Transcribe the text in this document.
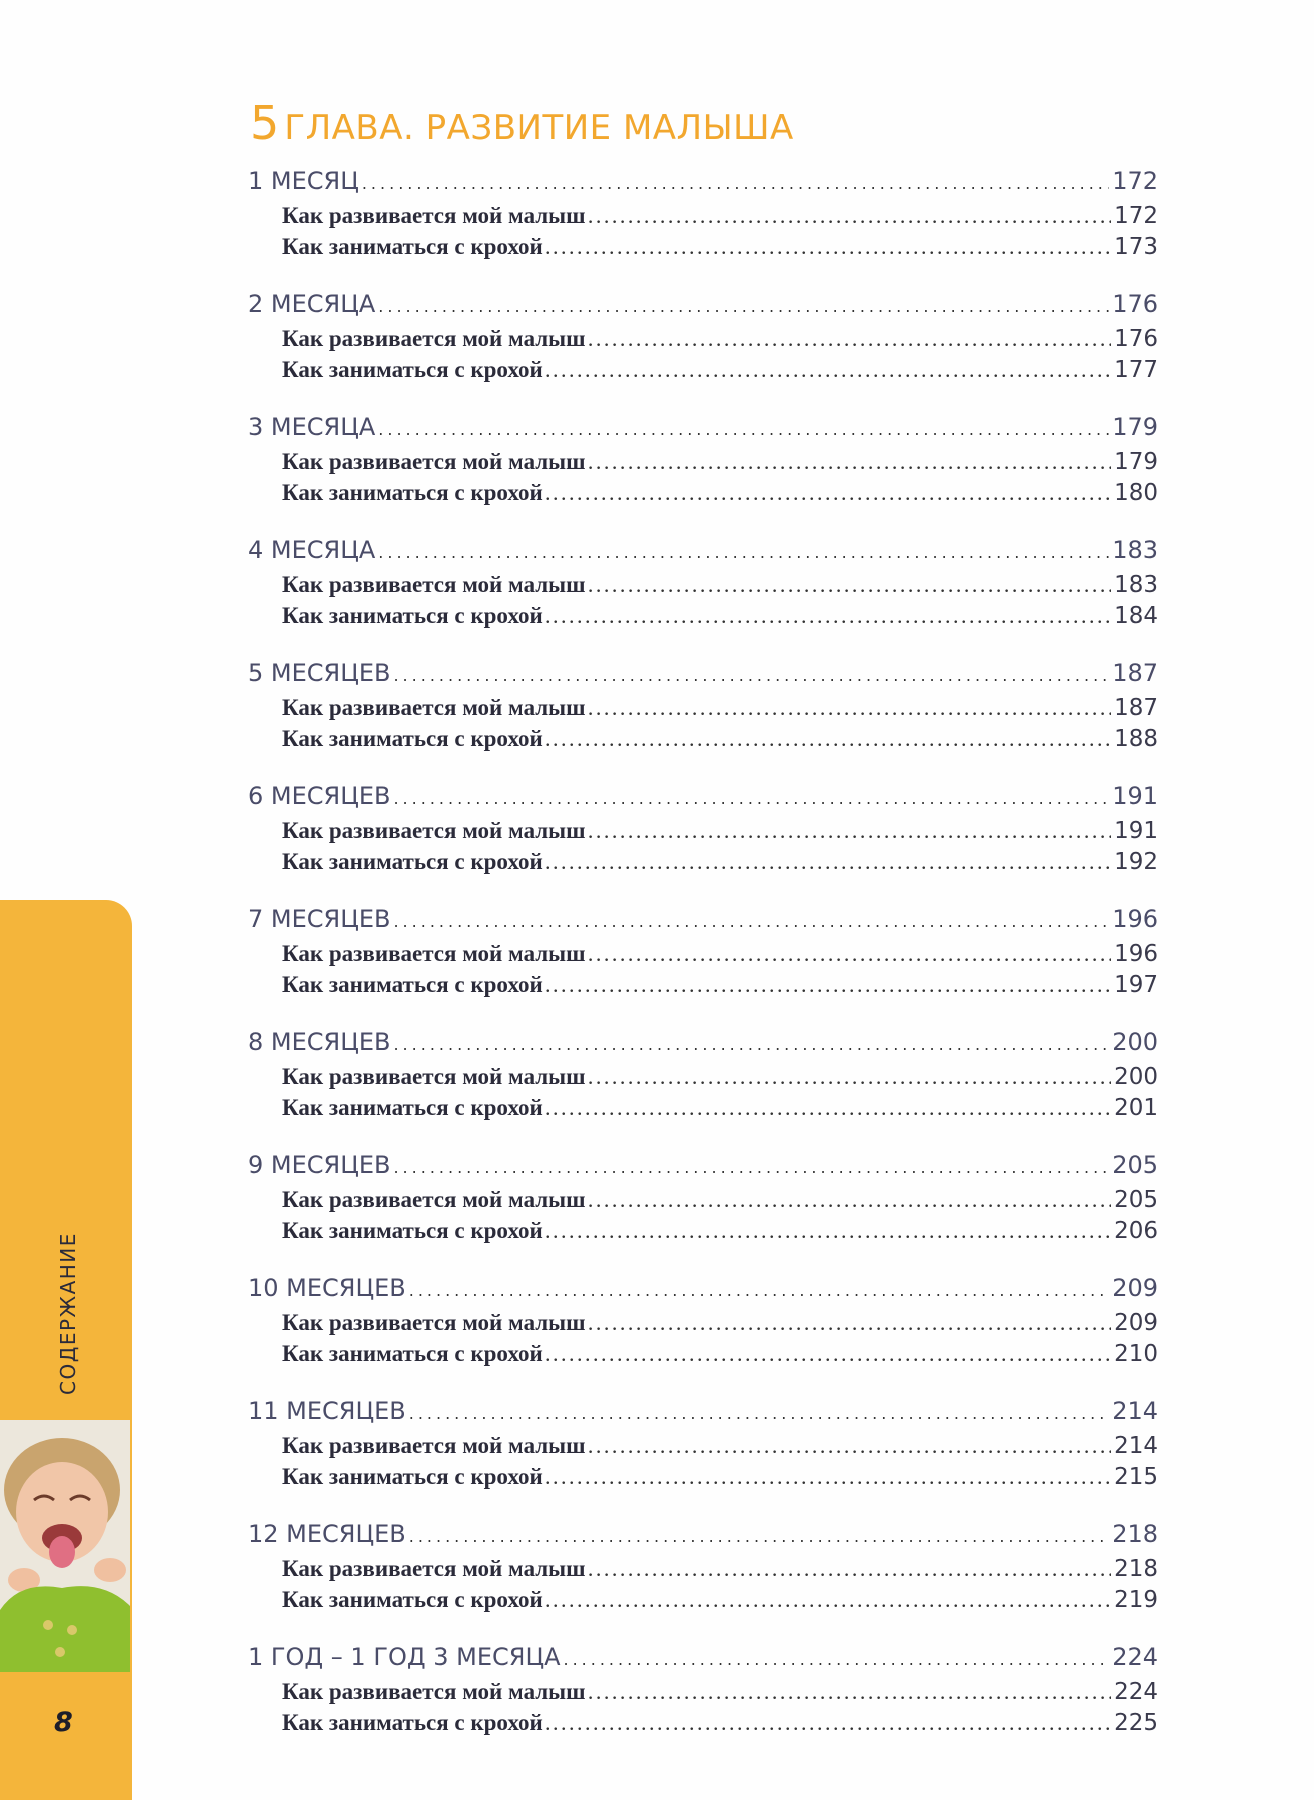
СОДЕРЖАНИЕ
8
5 ГЛАВА. РАЗВИТИЕ МАЛЫША
1 МЕСЯЦ .....	172
Как развивается мой малыш .....	172
Как заниматься с крохой .....	173
2 МЕСЯЦА .....	176
Как развивается мой малыш .....	176
Как заниматься с крохой .....	177
3 МЕСЯЦА .....	179
Как развивается мой малыш .....	179
Как заниматься с крохой .....	180
4 МЕСЯЦА .....	183
Как развивается мой малыш .....	183
Как заниматься с крохой .....	184
5 МЕСЯЦЕВ .....	187
Как развивается мой малыш .....	187
Как заниматься с крохой .....	188
6 МЕСЯЦЕВ .....	191
Как развивается мой малыш .....	191
Как заниматься с крохой .....	192
7 МЕСЯЦЕВ .....	196
Как развивается мой малыш .....	196
Как заниматься с крохой .....	197
8 МЕСЯЦЕВ .....	200
Как развивается мой малыш .....	200
Как заниматься с крохой .....	201
9 МЕСЯЦЕВ .....	205
Как развивается мой малыш .....	205
Как заниматься с крохой .....	206
10 МЕСЯЦЕВ .....	209
Как развивается мой малыш .....	209
Как заниматься с крохой .....	210
11 МЕСЯЦЕВ .....	214
Как развивается мой малыш .....	214
Как заниматься с крохой .....	215
12 МЕСЯЦЕВ .....	218
Как развивается мой малыш .....	218
Как заниматься с крохой .....	219
1 ГОД – 1 ГОД 3 МЕСЯЦА .....	224
Как развивается мой малыш .....	224
Как заниматься с крохой .....	225
